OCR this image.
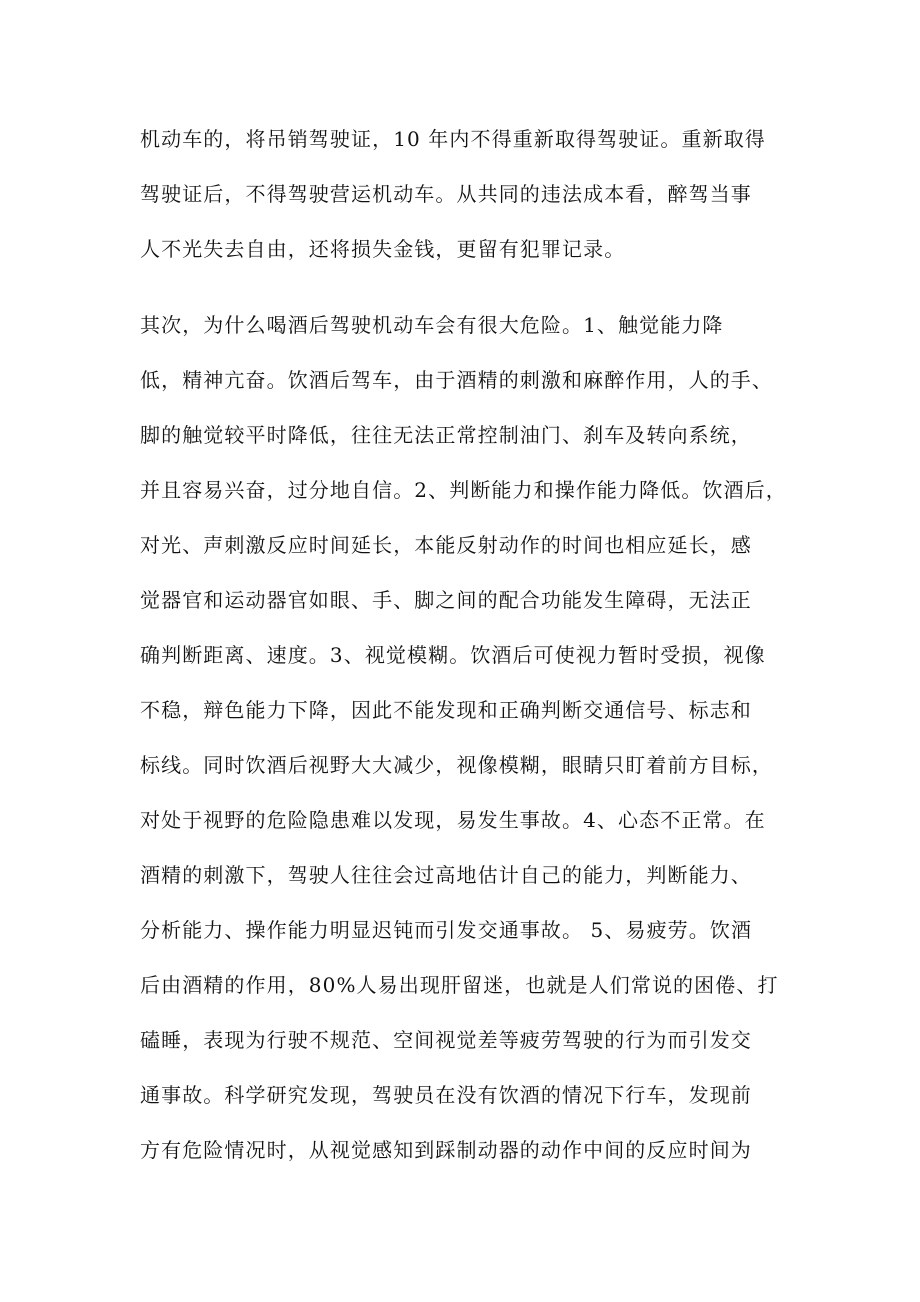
机动车的，将吊销驾驶证，10 年内不得重新取得驾驶证。重新取得
驾驶证后，不得驾驶营运机动车。从共同的违法成本看，醉驾当事
人不光失去自由，还将损失金钱，更留有犯罪记录。
其次，为什么喝酒后驾驶机动车会有很大危险。1、触觉能力降
低，精神亢奋。饮酒后驾车，由于酒精的刺激和麻醉作用，人的手、
脚的触觉较平时降低，往往无法正常控制油门、刹车及转向系统，
并且容易兴奋，过分地自信。2、判断能力和操作能力降低。饮酒后，
对光、声刺激反应时间延长，本能反射动作的时间也相应延长，感
觉器官和运动器官如眼、手、脚之间的配合功能发生障碍，无法正
确判断距离、速度。3、视觉模糊。饮酒后可使视力暂时受损，视像
不稳，辩色能力下降，因此不能发现和正确判断交通信号、标志和
标线。同时饮酒后视野大大减少，视像模糊，眼睛只盯着前方目标，
对处于视野的危险隐患难以发现，易发生事故。4、心态不正常。在
酒精的刺激下，驾驶人往往会过高地估计自己的能力，判断能力、
分析能力、操作能力明显迟钝而引发交通事故。 5、易疲劳。饮酒
后由酒精的作用，80%人易出现肝留迷，也就是人们常说的困倦、打
磕睡，表现为行驶不规范、空间视觉差等疲劳驾驶的行为而引发交
通事故。科学研究发现，驾驶员在没有饮酒的情况下行车，发现前
方有危险情况时，从视觉感知到踩制动器的动作中间的反应时间为
